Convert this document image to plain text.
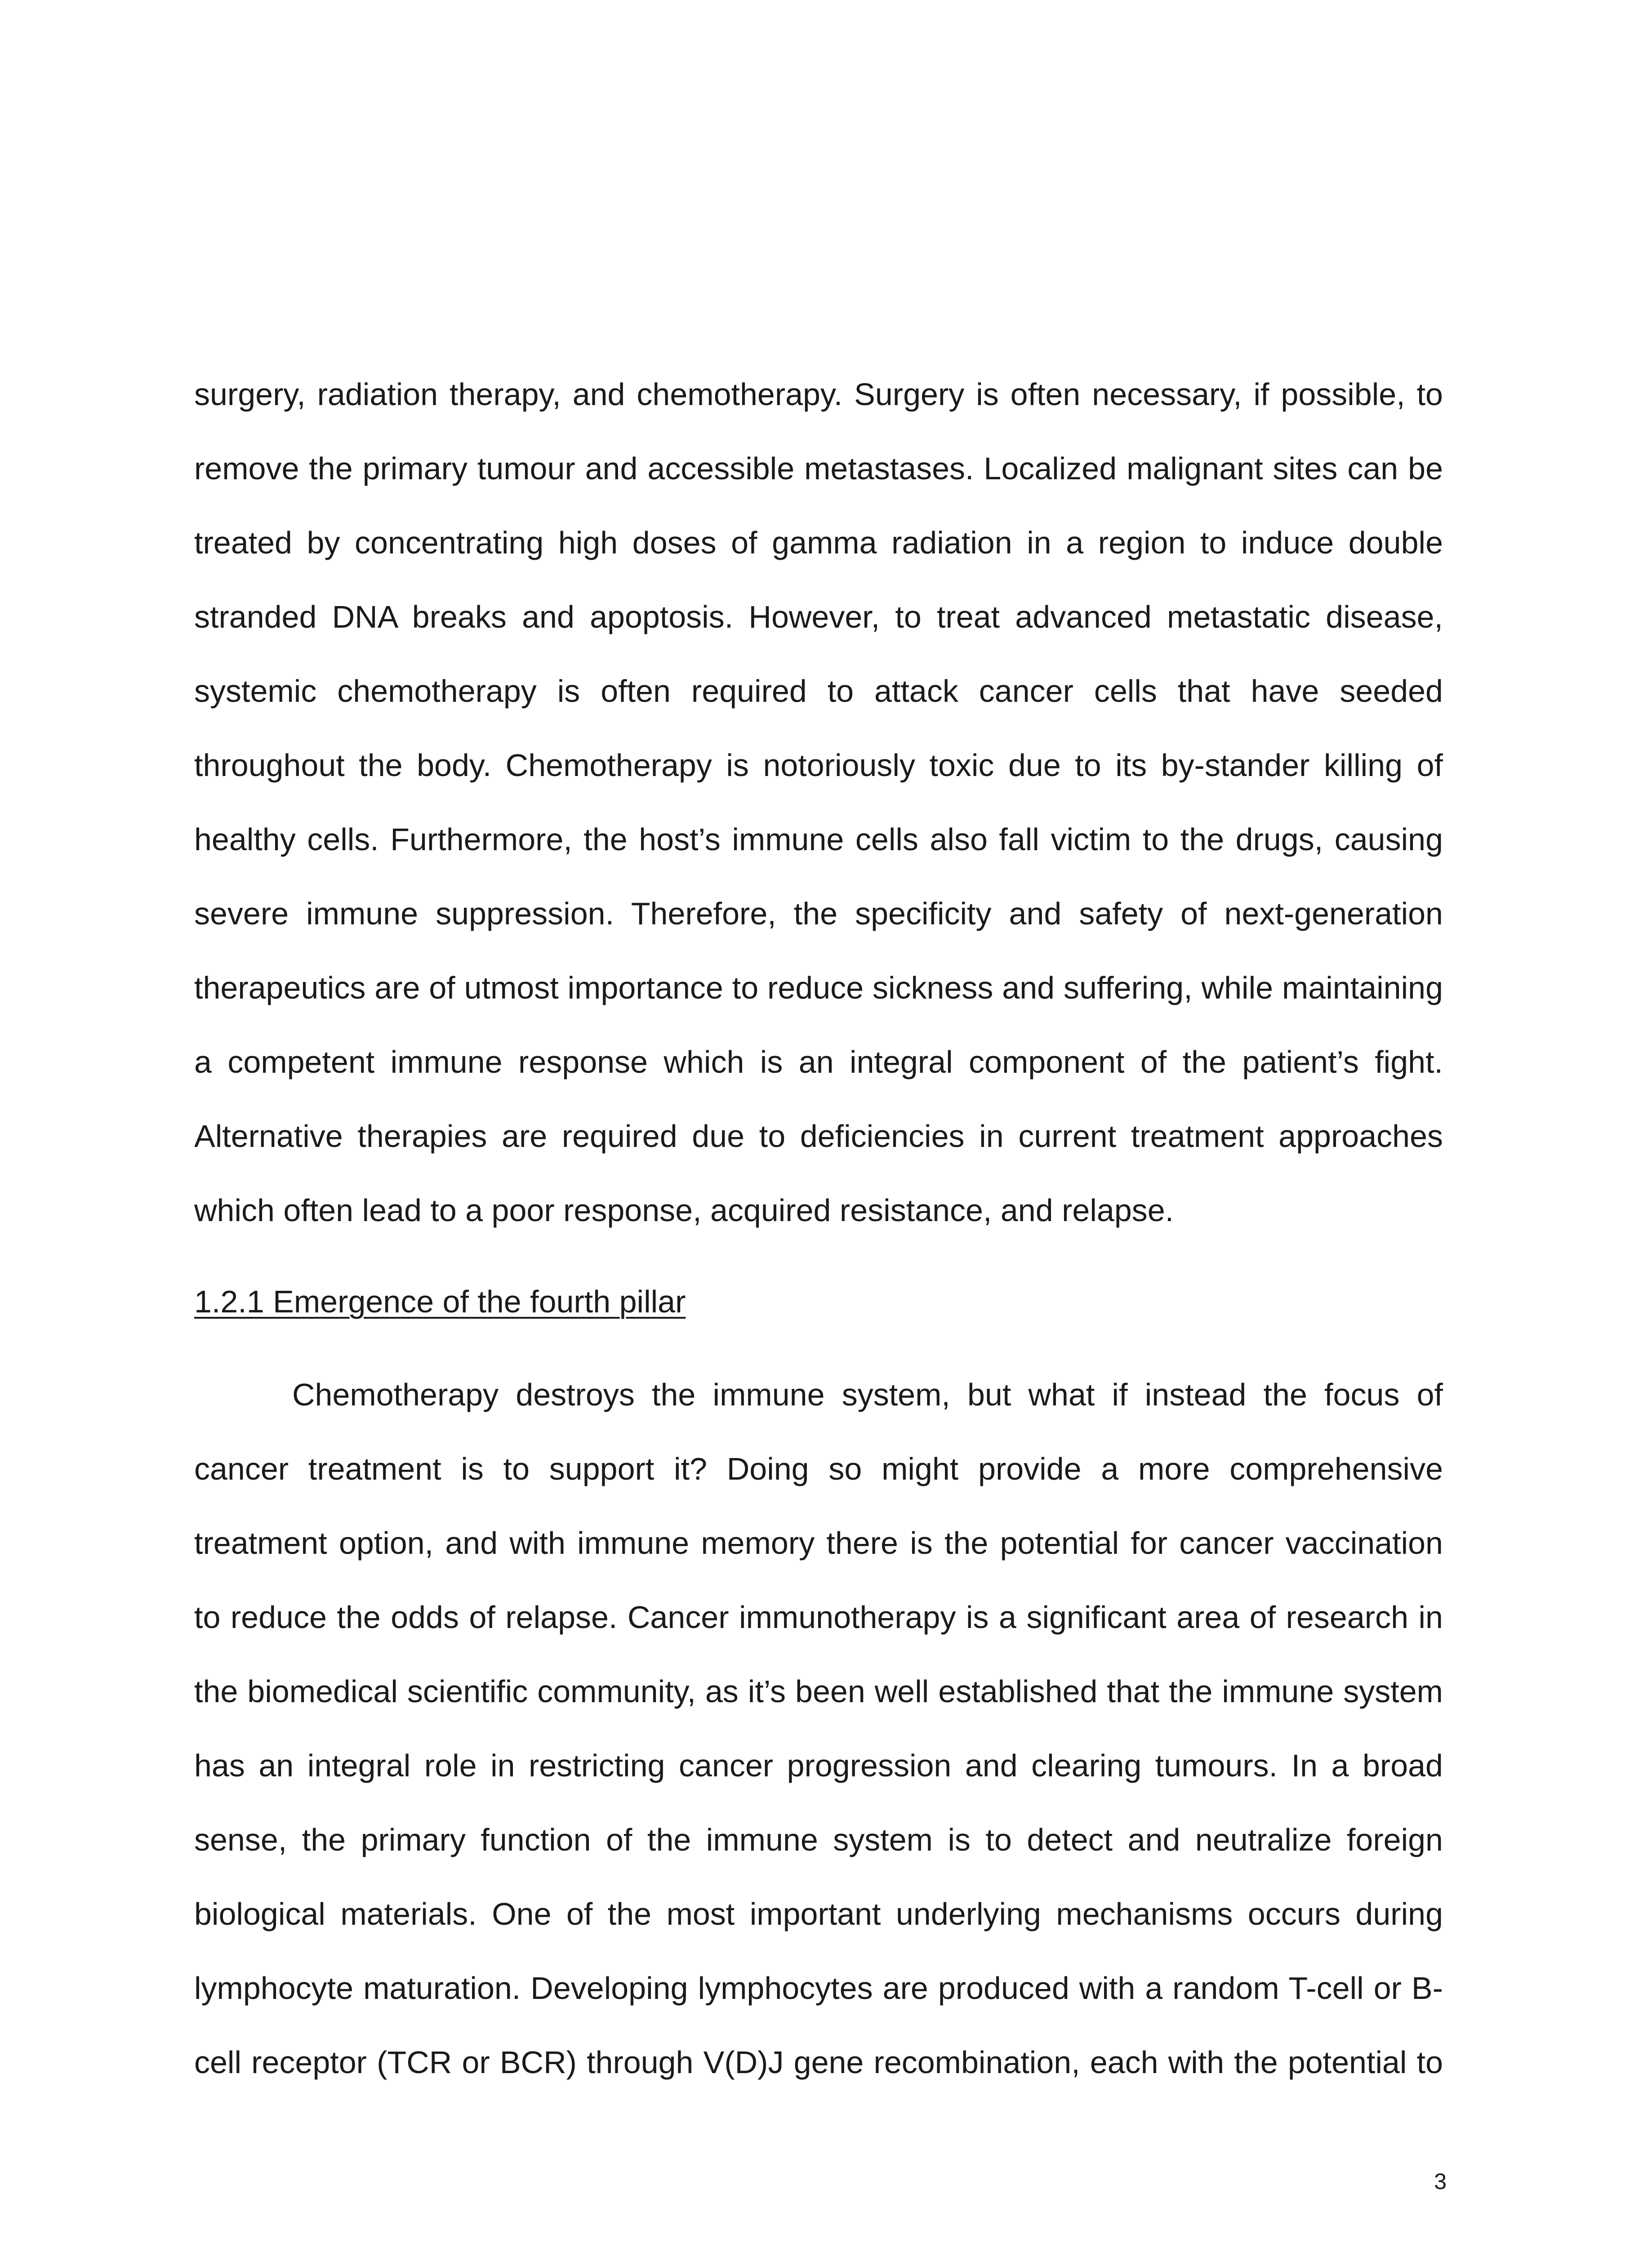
surgery, radiation therapy, and chemotherapy. Surgery is often necessary, if possible, to
remove the primary tumour and accessible metastases. Localized malignant sites can be
treated by concentrating high doses of gamma radiation in a region to induce double
stranded DNA breaks and apoptosis. However, to treat advanced metastatic disease,
systemic chemotherapy is often required to attack cancer cells that have seeded
throughout the body. Chemotherapy is notoriously toxic due to its by-stander killing of
healthy cells. Furthermore, the host’s immune cells also fall victim to the drugs, causing
severe immune suppression. Therefore, the specificity and safety of next-generation
therapeutics are of utmost importance to reduce sickness and suffering, while maintaining
a competent immune response which is an integral component of the patient’s fight.
Alternative therapies are required due to deficiencies in current treatment approaches
which often lead to a poor response, acquired resistance, and relapse.
1.2.1 Emergence of the fourth pillar
Chemotherapy destroys the immune system, but what if instead the focus of
cancer treatment is to support it? Doing so might provide a more comprehensive
treatment option, and with immune memory there is the potential for cancer vaccination
to reduce the odds of relapse. Cancer immunotherapy is a significant area of research in
the biomedical scientific community, as it’s been well established that the immune system
has an integral role in restricting cancer progression and clearing tumours. In a broad
sense, the primary function of the immune system is to detect and neutralize foreign
biological materials. One of the most important underlying mechanisms occurs during
lymphocyte maturation. Developing lymphocytes are produced with a random T-cell or B-
cell receptor (TCR or BCR) through V(D)J gene recombination, each with the potential to
3
